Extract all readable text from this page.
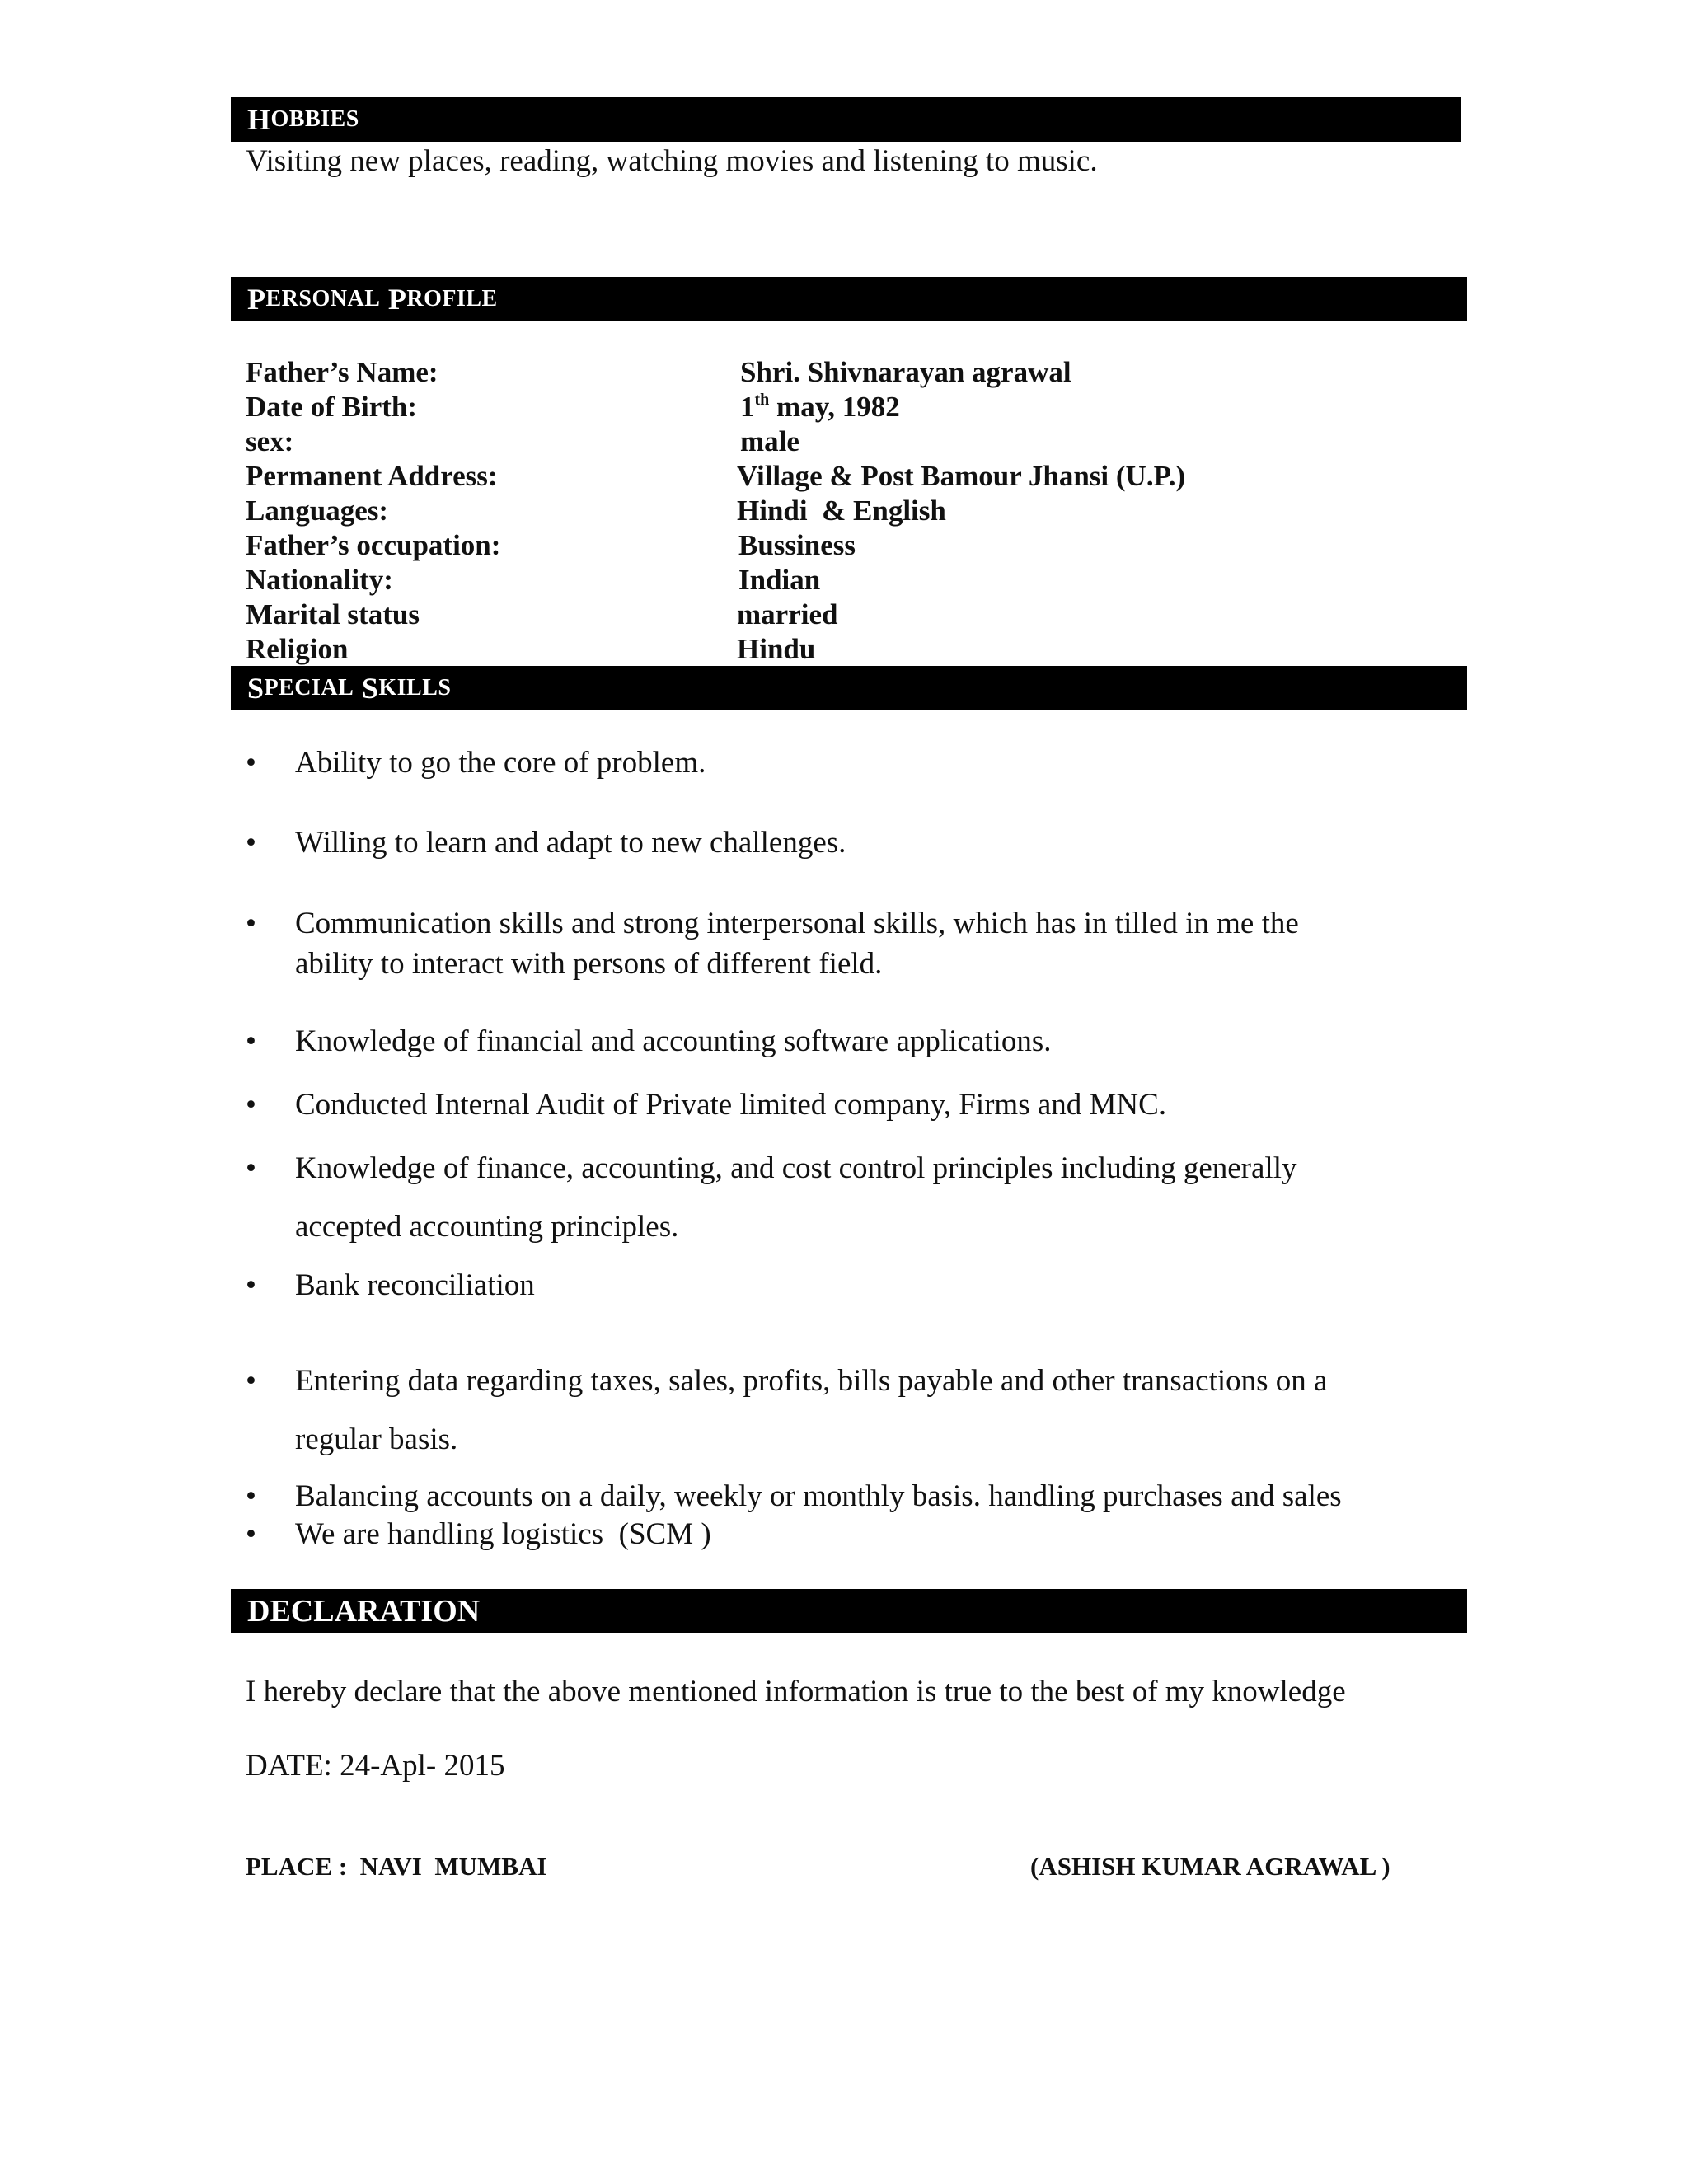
H OBBIES
Visiting new places, reading, watching movies and listening to music.
P ERSONAL
P ROFILE
Father’s Name:	Shri. Shivnarayan agrawal
Date of Birth:	1th may, 1982
sex:	male
Permanent Address:	Village & Post Bamour Jhansi (U.P.)
Languages:	Hindi  & English
Father’s occupation:	Bussiness
Nationality:	Indian
Marital status	married
Religion	Hindu
S PECIAL
S KILLS
• Ability to go the core of problem.
• Willing to learn and adapt to new challenges.
• Communication skills and strong interpersonal skills, which has in tilled in me the
ability to interact with persons of different field.
• Knowledge of financial and accounting software applications.
• Conducted Internal Audit of Private limited company, Firms and MNC.
• Knowledge of finance, accounting, and cost control principles including generally
accepted accounting principles.
• Bank reconciliation
• Entering data regarding taxes, sales, profits, bills payable and other transactions on a
regular basis.
• Balancing accounts on a daily, weekly or monthly basis. handling purchases and sales
• We are handling logistics  (SCM )
DECLARATION
I hereby declare that the above mentioned information is true to the best of my knowledge
DATE: 24-Apl- 2015
PLACE :  NAVI  MUMBAI	(ASHISH KUMAR AGRAWAL )
